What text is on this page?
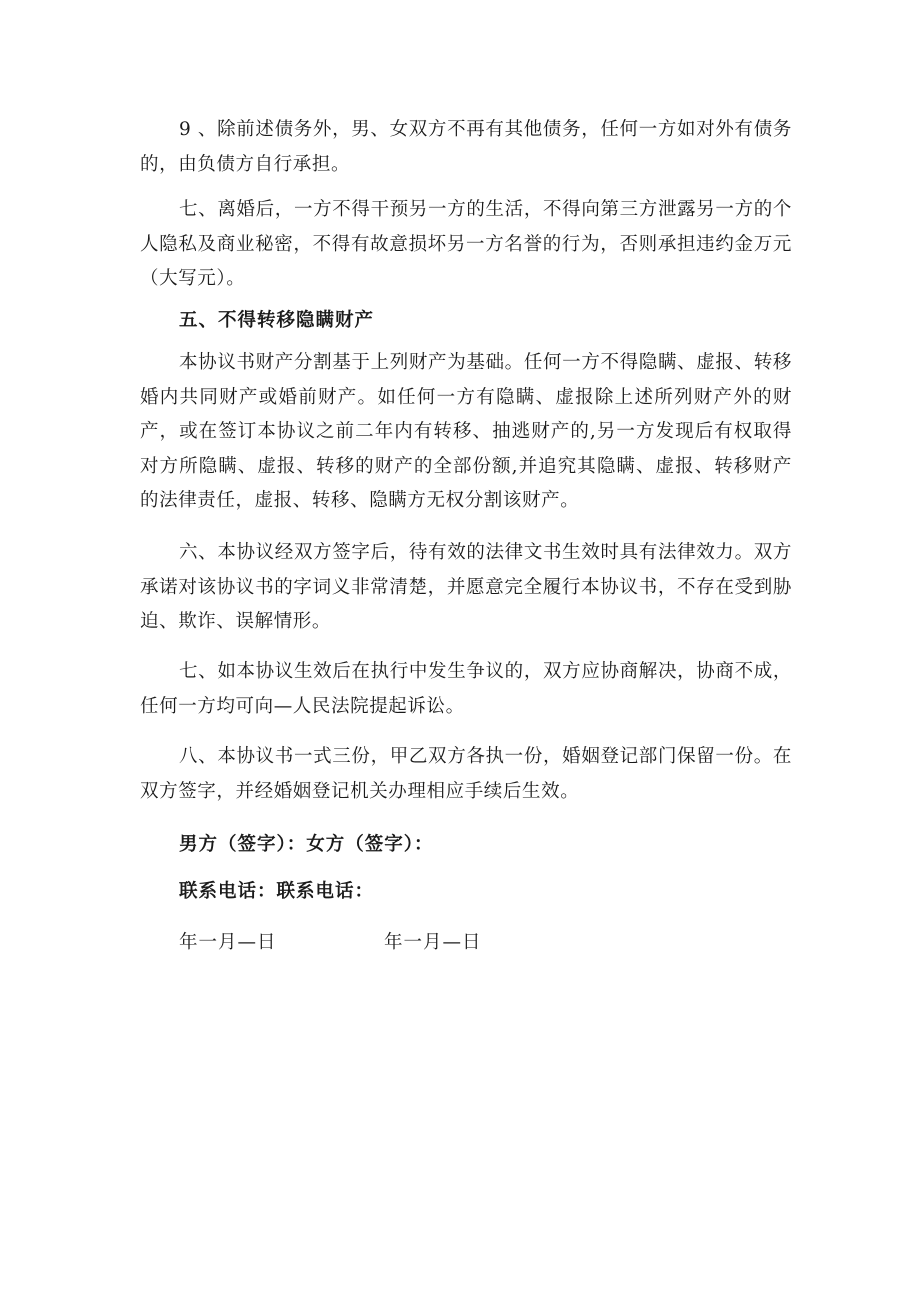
9 、除前述债务外，男、女双方不再有其他债务，任何一方如对外有债务的，由负债方自行承担。

七、离婚后，一方不得干预另一方的生活，不得向第三方泄露另一方的个人隐私及商业秘密，不得有故意损坏另一方名誉的行为，否则承担违约金万元（大写元）。

五、不得转移隐瞒财产

本协议书财产分割基于上列财产为基础。任何一方不得隐瞒、虚报、转移婚内共同财产或婚前财产。如任何一方有隐瞒、虚报除上述所列财产外的财产，或在签订本协议之前二年内有转移、抽逃财产的,另一方发现后有权取得对方所隐瞒、虚报、转移的财产的全部份额,并追究其隐瞒、虚报、转移财产的法律责任，虚报、转移、隐瞒方无权分割该财产。

六、本协议经双方签字后，待有效的法律文书生效时具有法律效力。双方承诺对该协议书的字词义非常清楚，并愿意完全履行本协议书，不存在受到胁迫、欺诈、误解情形。

七、如本协议生效后在执行中发生争议的，双方应协商解决，协商不成，任何一方均可向—人民法院提起诉讼。

八、本协议书一式三份，甲乙双方各执一份，婚姻登记部门保留一份。在双方签字，并经婚姻登记机关办理相应手续后生效。

男方（签字）：女方（签字）：

联系电话：联系电话：

年一月—日	年一月—日
